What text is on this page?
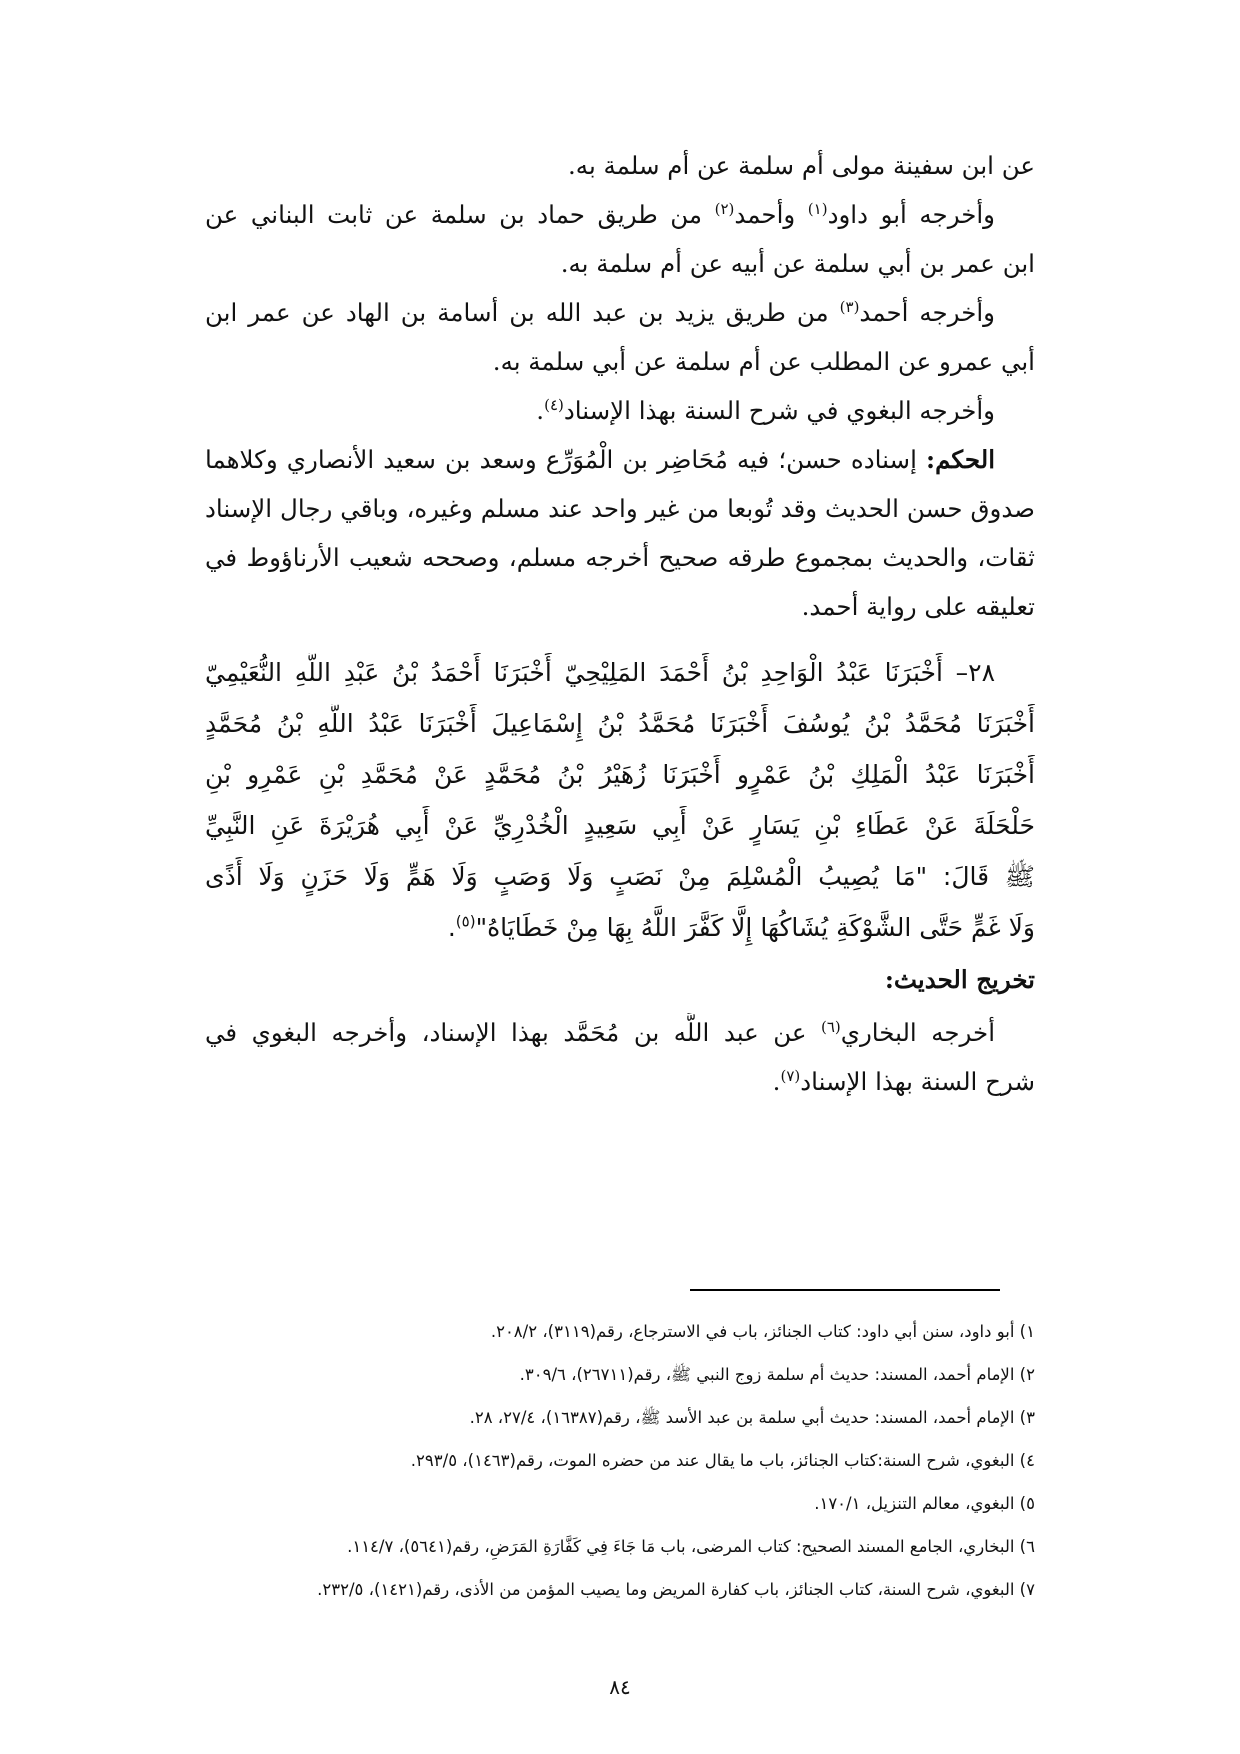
عن ابن سفينة مولى أم سلمة عن أم سلمة به.
وأخرجه أبو داود$^{(١)}$ وأحمد$^{(٢)}$ من طريق حماد بن سلمة عن ثابت البناني عن
ابن عمر بن أبي سلمة عن أبيه عن أم سلمة به.
وأخرجه أحمد$^{(٣)}$ من طريق يزيد بن عبد الله بن أسامة بن الهاد عن عمر ابن
أبي عمرو عن المطلب عن أم سلمة عن أبي سلمة به.
وأخرجه البغوي في شرح السنة بهذا الإسناد$^{(٤)}$.
الحكم: إسناده حسن؛ فيه مُحَاضِر بن الْمُوَرِّع وسعد بن سعيد الأنصاري وكلاهما
صدوق حسن الحديث وقد تُوبعا من غير واحد عند مسلم وغيره، وباقي رجال الإسناد
ثقات، والحديث بمجموع طرقه صحيح أخرجه مسلم، وصححه شعيب الأرناؤوط في
تعليقه على رواية أحمد.
٢٨– أَخْبَرَنَا عَبْدُ الْوَاحِدِ بْنُ أَحْمَدَ المَلِيْحِيّ أَخْبَرَنَا أَحْمَدُ بْنُ عَبْدِ اللَّهِ النُّعَيْمِيّ
أَخْبَرَنَا مُحَمَّدُ بْنُ يُوسُفَ أَخْبَرَنَا مُحَمَّدُ بْنُ إِسْمَاعِيلَ أَخْبَرَنَا عَبْدُ اللَّهِ بْنُ مُحَمَّدٍ
أَخْبَرَنَا عَبْدُ الْمَلِكِ بْنُ عَمْرٍو أَخْبَرَنَا زُهَيْرُ بْنُ مُحَمَّدٍ عَنْ مُحَمَّدِ بْنِ عَمْرِو بْنِ
حَلْحَلَةَ عَنْ عَطَاءِ بْنِ يَسَارٍ عَنْ أَبِي سَعِيدٍ الْخُدْرِيِّ عَنْ أَبِي هُرَيْرَةَ عَنِ النَّبِيِّ
ﷺ قَالَ: "مَا يُصِيبُ الْمُسْلِمَ مِنْ نَصَبٍ وَلَا وَصَبٍ وَلَا هَمٍّ وَلَا حَزَنٍ وَلَا أَذًى
وَلَا غَمٍّ حَتَّى الشَّوْكَةِ يُشَاكُهَا إِلَّا كَفَّرَ اللَّهُ بِهَا مِنْ خَطَايَاهُ"$^{(٥)}$.
تخريج الحديث:
أخرجه البخاري$^{(٦)}$ عن عبد اللَّه بن مُحَمَّد بهذا الإسناد، وأخرجه البغوي في
شرح السنة بهذا الإسناد$^{(٧)}$.
١) أبو داود، سنن أبي داود: كتاب الجنائز، باب في الاسترجاع، رقم(٣١١٩)، ٢٠٨/٢.
٢) الإمام أحمد، المسند: حديث أم سلمة زوج النبي ﷺ، رقم(٢٦٧١١)، ٣٠٩/٦.
٣) الإمام أحمد، المسند: حديث أبي سلمة بن عبد الأسد ﷺ، رقم(١٦٣٨٧)، ٢٧/٤، ٢٨.
٤) البغوي، شرح السنة:كتاب الجنائز، باب ما يقال عند من حضره الموت، رقم(١٤٦٣)، ٢٩٣/٥.
٥) البغوي، معالم التنزيل، ١٧٠/١.
٦) البخاري، الجامع المسند الصحيح: كتاب المرضى، باب مَا جَاءَ فِي كَفَّارَةِ المَرَضِ، رقم(٥٦٤١)، ١١٤/٧.
٧) البغوي، شرح السنة، كتاب الجنائز، باب كفارة المريض وما يصيب المؤمن من الأذى، رقم(١٤٢١)، ٢٣٢/٥.
٨٤
